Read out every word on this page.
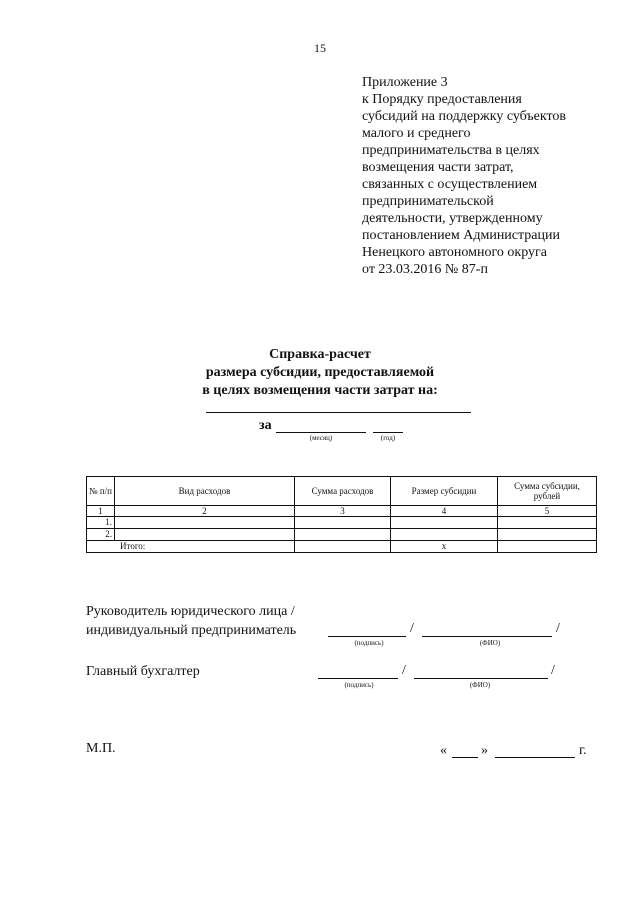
15
Приложение 3
к Порядку предоставления
субсидий на поддержку субъектов
малого и среднего
предпринимательства в целях
возмещения части затрат,
связанных с осуществлением
предпринимательской
деятельности, утвержденному
постановлением Администрации
Ненецкого автономного округа
от 23.03.2016 № 87-п
Справка-расчет
размера субсидии, предоставляемой
в целях возмещения части затрат на:
за
(месяц)	(год)
№ п/п	Вид расходов	Сумма расходов	Размер субсидии	Сумма субсидии, рублей
1	2	3	4	5
1.				
2.				
Итого:			х	
Руководитель юридического лица /
индивидуальный предприниматель	/	/
(подпись)	(ФИО)
Главный бухгалтер	/	/
(подпись)	(ФИО)
М.П.	« »	г.
